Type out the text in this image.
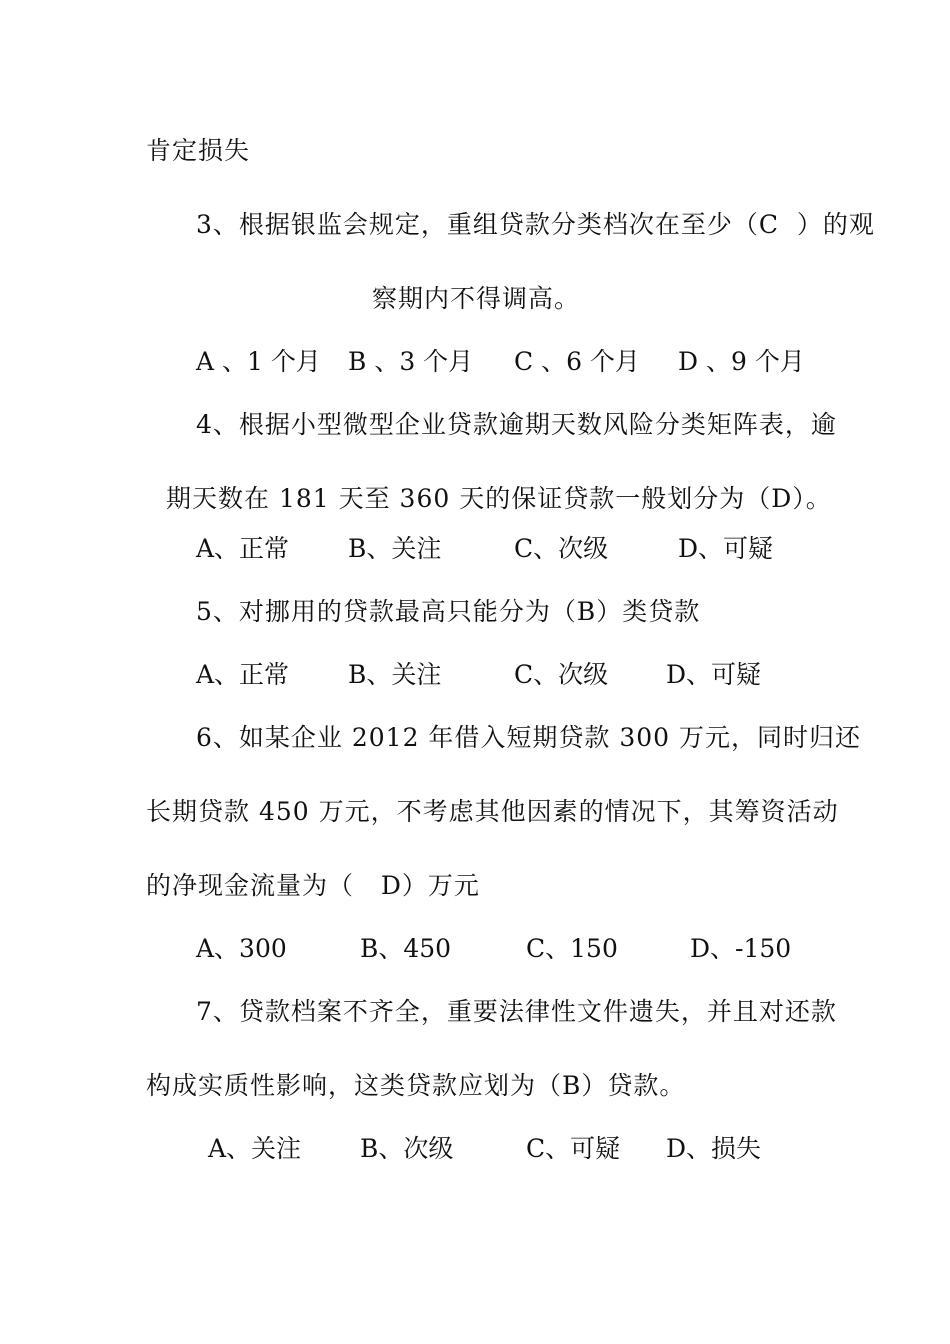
肯定损失
3、根据银监会规定，重组贷款分类档次在至少（C  ）的观
察期内不得调高。

A 、1 个月

B 、3 个月

C 、6 个月

D 、9 个月

4、根据小型微型企业贷款逾期天数风险分类矩阵表，逾
期天数在 181 天至 360 天的保证贷款一般划分为（D）。

A、正常

B、关注

	C、次级

	D、可疑

5、对挪用的贷款最高只能分为（B）类贷款

A、正常

B、关注

	C、次级

D、可疑

6、如某企业 2012 年借入短期贷款 300 万元，同时归还
长期贷款 450 万元，不考虑其他因素的情况下，其筹资活动
的净现金流量为（   D）万元

A、300

	B、450

	C、150

	D、-150

7、贷款档案不齐全，重要法律性文件遗失，并且对还款
构成实质性影响，这类贷款应划为（B）贷款。

A、关注

B、次级

	C、可疑

D、损失
